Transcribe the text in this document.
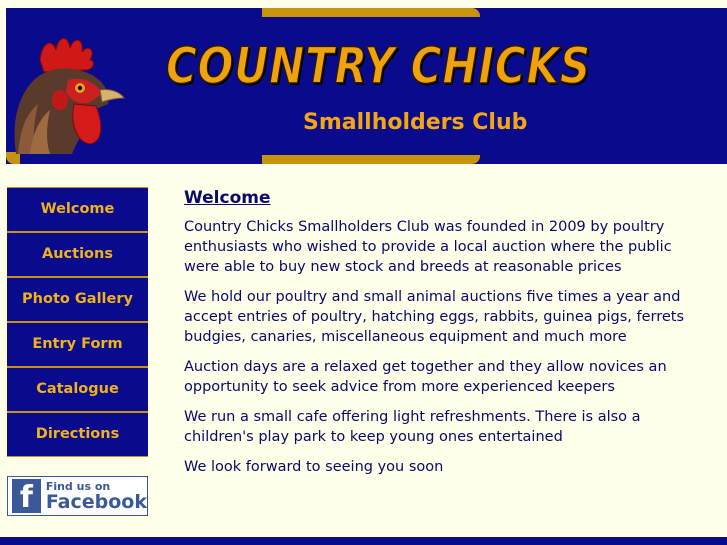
COUNTRY CHICKS
Smallholders Club
Welcome
Auctions
Photo Gallery
Entry Form
Catalogue
Directions
f	Find us on
Facebook
Welcome

Country Chicks Smallholders Club was founded in 2009 by poultry enthusiasts who wished to provide a local auction where the public were able to buy new stock and breeds at reasonable prices

We hold our poultry and small animal auctions five times a year and
accept entries of poultry, hatching eggs, rabbits, guinea pigs, ferrets
budgies, canaries, miscellaneous equipment and much more

Auction days are a relaxed get together and they allow novices an opportunity to seek advice from more experienced keepers

We run a small cafe offering light refreshments. There is also a children's play park to keep young ones entertained

We look forward to seeing you soon
